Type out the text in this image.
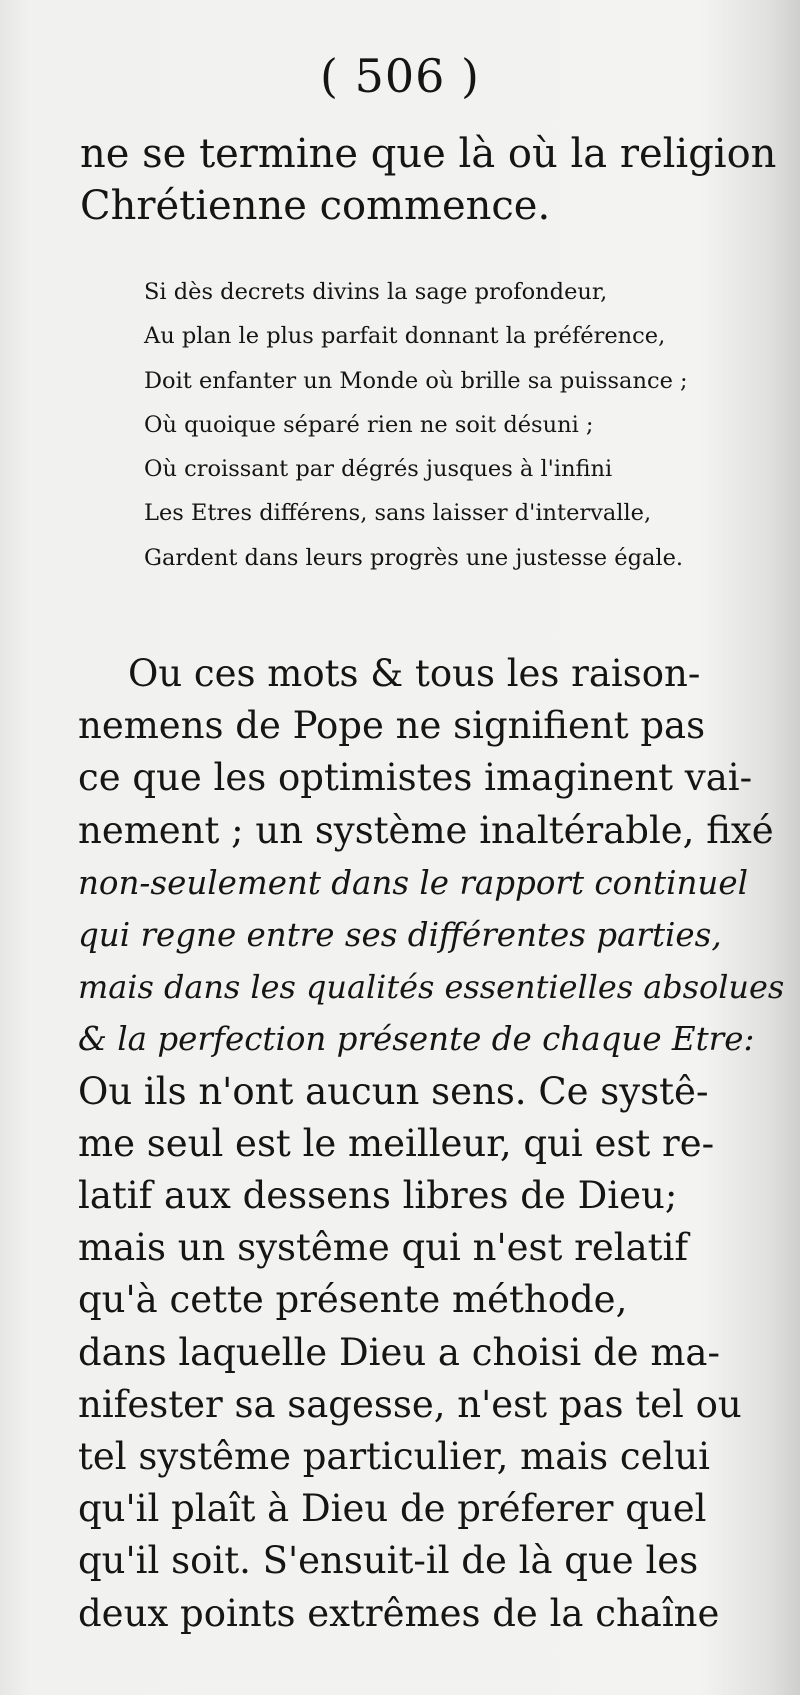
( 506 )
ne se termine que là où la religion
Chrétienne commence.
Si dès decrets divins la sage profondeur,
Au plan le plus parfait donnant la préférence,
Doit enfanter un Monde où brille sa puissance ;
Où quoique séparé rien ne soit désuni ;
Où croissant par dégrés jusques à l'infini
Les Etres différens, sans laisser d'intervalle,
Gardent dans leurs progrès une justesse égale.
Ou ces mots & tous les raison-
nemens de Pope ne signifient pas
ce que les optimistes imaginent vai-
nement ; un système inaltérable, fixé
non-seulement dans le rapport continuel
qui regne entre ses différentes parties,
mais dans les qualités essentielles absolues
& la perfection présente de chaque Etre:
Ou ils n'ont aucun sens. Ce systê-
me seul est le meilleur, qui est re-
latif aux dessens libres de Dieu;
mais un systême qui n'est relatif
qu'à cette présente méthode,
dans laquelle Dieu a choisi de ma-
nifester sa sagesse, n'est pas tel ou
tel systême particulier, mais celui
qu'il plaît à Dieu de préferer quel
qu'il soit. S'ensuit-il de là que les
deux points extrêmes de la chaîne
